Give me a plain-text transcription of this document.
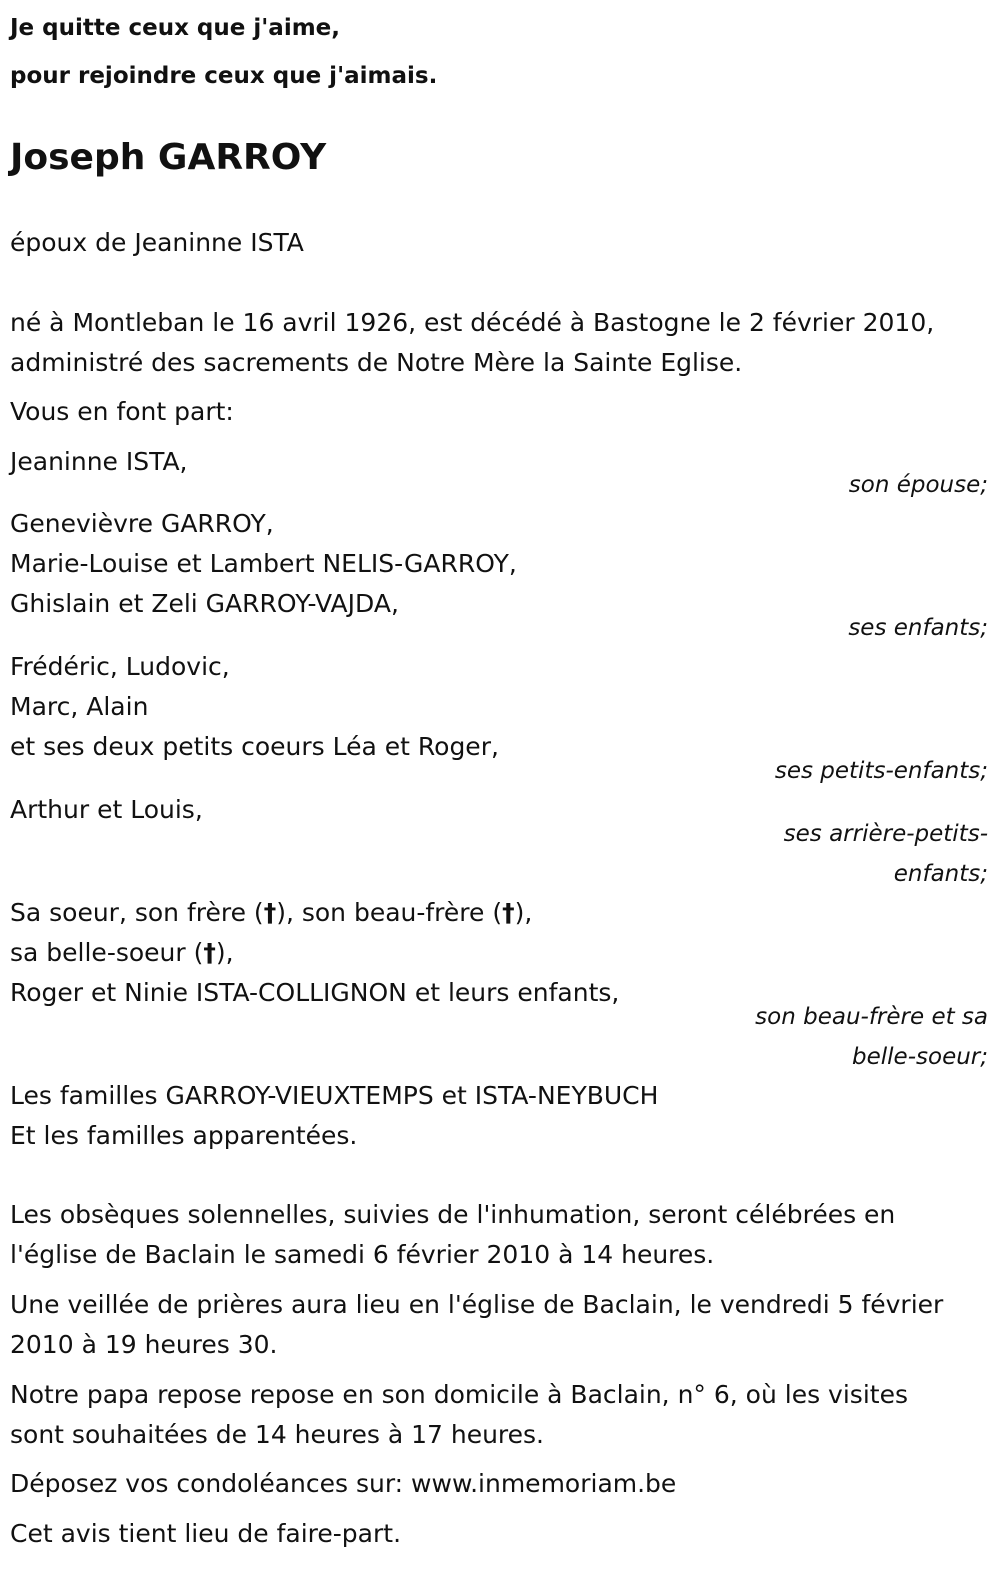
Je quitte ceux que j'aime,

pour rejoindre ceux que j'aimais.

Joseph GARROY

époux de Jeaninne ISTA

né à Montleban le 16 avril 1926, est décédé à Bastogne le 2 février 2010,

administré des sacrements de Notre Mère la Sainte Eglise.

Vous en font part:

Jeaninne ISTA,

son épouse;

Genevièvre GARROY,

Marie-Louise et Lambert NELIS-GARROY,

Ghislain et Zeli GARROY-VAJDA,

ses enfants;

Frédéric, Ludovic,

Marc, Alain

et ses deux petits coeurs Léa et Roger,

ses petits-enfants;

Arthur et Louis,

ses arrière-petits-

enfants;

Sa soeur, son frère (†), son beau-frère (†),

sa belle-soeur (†),

Roger et Ninie ISTA-COLLIGNON et leurs enfants,

son beau-frère et sa

belle-soeur;

Les familles GARROY-VIEUXTEMPS et ISTA-NEYBUCH

Et les familles apparentées.

Les obsèques solennelles, suivies de l'inhumation, seront célébrées en

l'église de Baclain le samedi 6 février 2010 à 14 heures.

Une veillée de prières aura lieu en l'église de Baclain, le vendredi 5 février

2010 à 19 heures 30.

Notre papa repose repose en son domicile à Baclain, n° 6, où les visites

sont souhaitées de 14 heures à 17 heures.

Déposez vos condoléances sur: www.inmemoriam.be

Cet avis tient lieu de faire-part.
